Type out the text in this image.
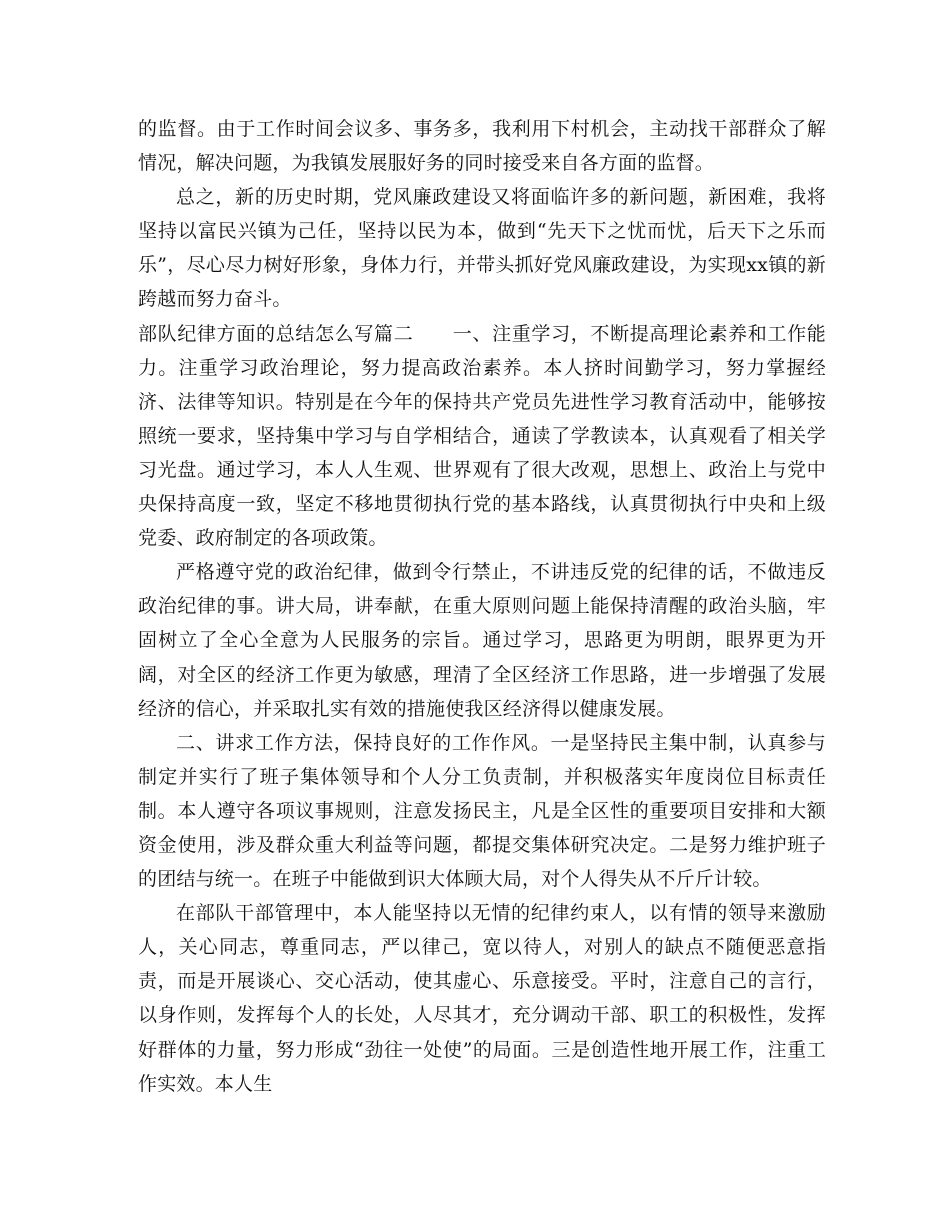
的监督。由于工作时间会议多、事务多，我利用下村机会，主动找干部群众了解情况，解决问题，为我镇发展服好务的同时接受来自各方面的监督。

总之，新的历史时期，党风廉政建设又将面临许多的新问题，新困难，我将坚持以富民兴镇为己任，坚持以民为本，做到“先天下之忧而忧，后天下之乐而乐”，尽心尽力树好形象，身体力行，并带头抓好党风廉政建设，为实现xx镇的新跨越而努力奋斗。

部队纪律方面的总结怎么写篇二　　一、注重学习，不断提高理论素养和工作能力。注重学习政治理论，努力提高政治素养。本人挤时间勤学习，努力掌握经济、法律等知识。特别是在今年的保持共产党员先进性学习教育活动中，能够按照统一要求，坚持集中学习与自学相结合，通读了学教读本，认真观看了相关学习光盘。通过学习，本人人生观、世界观有了很大改观，思想上、政治上与党中央保持高度一致，坚定不移地贯彻执行党的基本路线，认真贯彻执行中央和上级党委、政府制定的各项政策。

严格遵守党的政治纪律，做到令行禁止，不讲违反党的纪律的话，不做违反政治纪律的事。讲大局，讲奉献，在重大原则问题上能保持清醒的政治头脑，牢固树立了全心全意为人民服务的宗旨。通过学习，思路更为明朗，眼界更为开阔，对全区的经济工作更为敏感，理清了全区经济工作思路，进一步增强了发展经济的信心，并采取扎实有效的措施使我区经济得以健康发展。

二、讲求工作方法，保持良好的工作作风。一是坚持民主集中制，认真参与制定并实行了班子集体领导和个人分工负责制，并积极落实年度岗位目标责任制。本人遵守各项议事规则，注意发扬民主，凡是全区性的重要项目安排和大额资金使用，涉及群众重大利益等问题，都提交集体研究决定。二是努力维护班子的团结与统一。在班子中能做到识大体顾大局，对个人得失从不斤斤计较。

在部队干部管理中，本人能坚持以无情的纪律约束人，以有情的领导来激励人，关心同志，尊重同志，严以律己，宽以待人，对别人的缺点不随便恶意指责，而是开展谈心、交心活动，使其虚心、乐意接受。平时，注意自己的言行，以身作则，发挥每个人的长处，人尽其才，充分调动干部、职工的积极性，发挥好群体的力量，努力形成“劲往一处使”的局面。三是创造性地开展工作，注重工作实效。本人生
